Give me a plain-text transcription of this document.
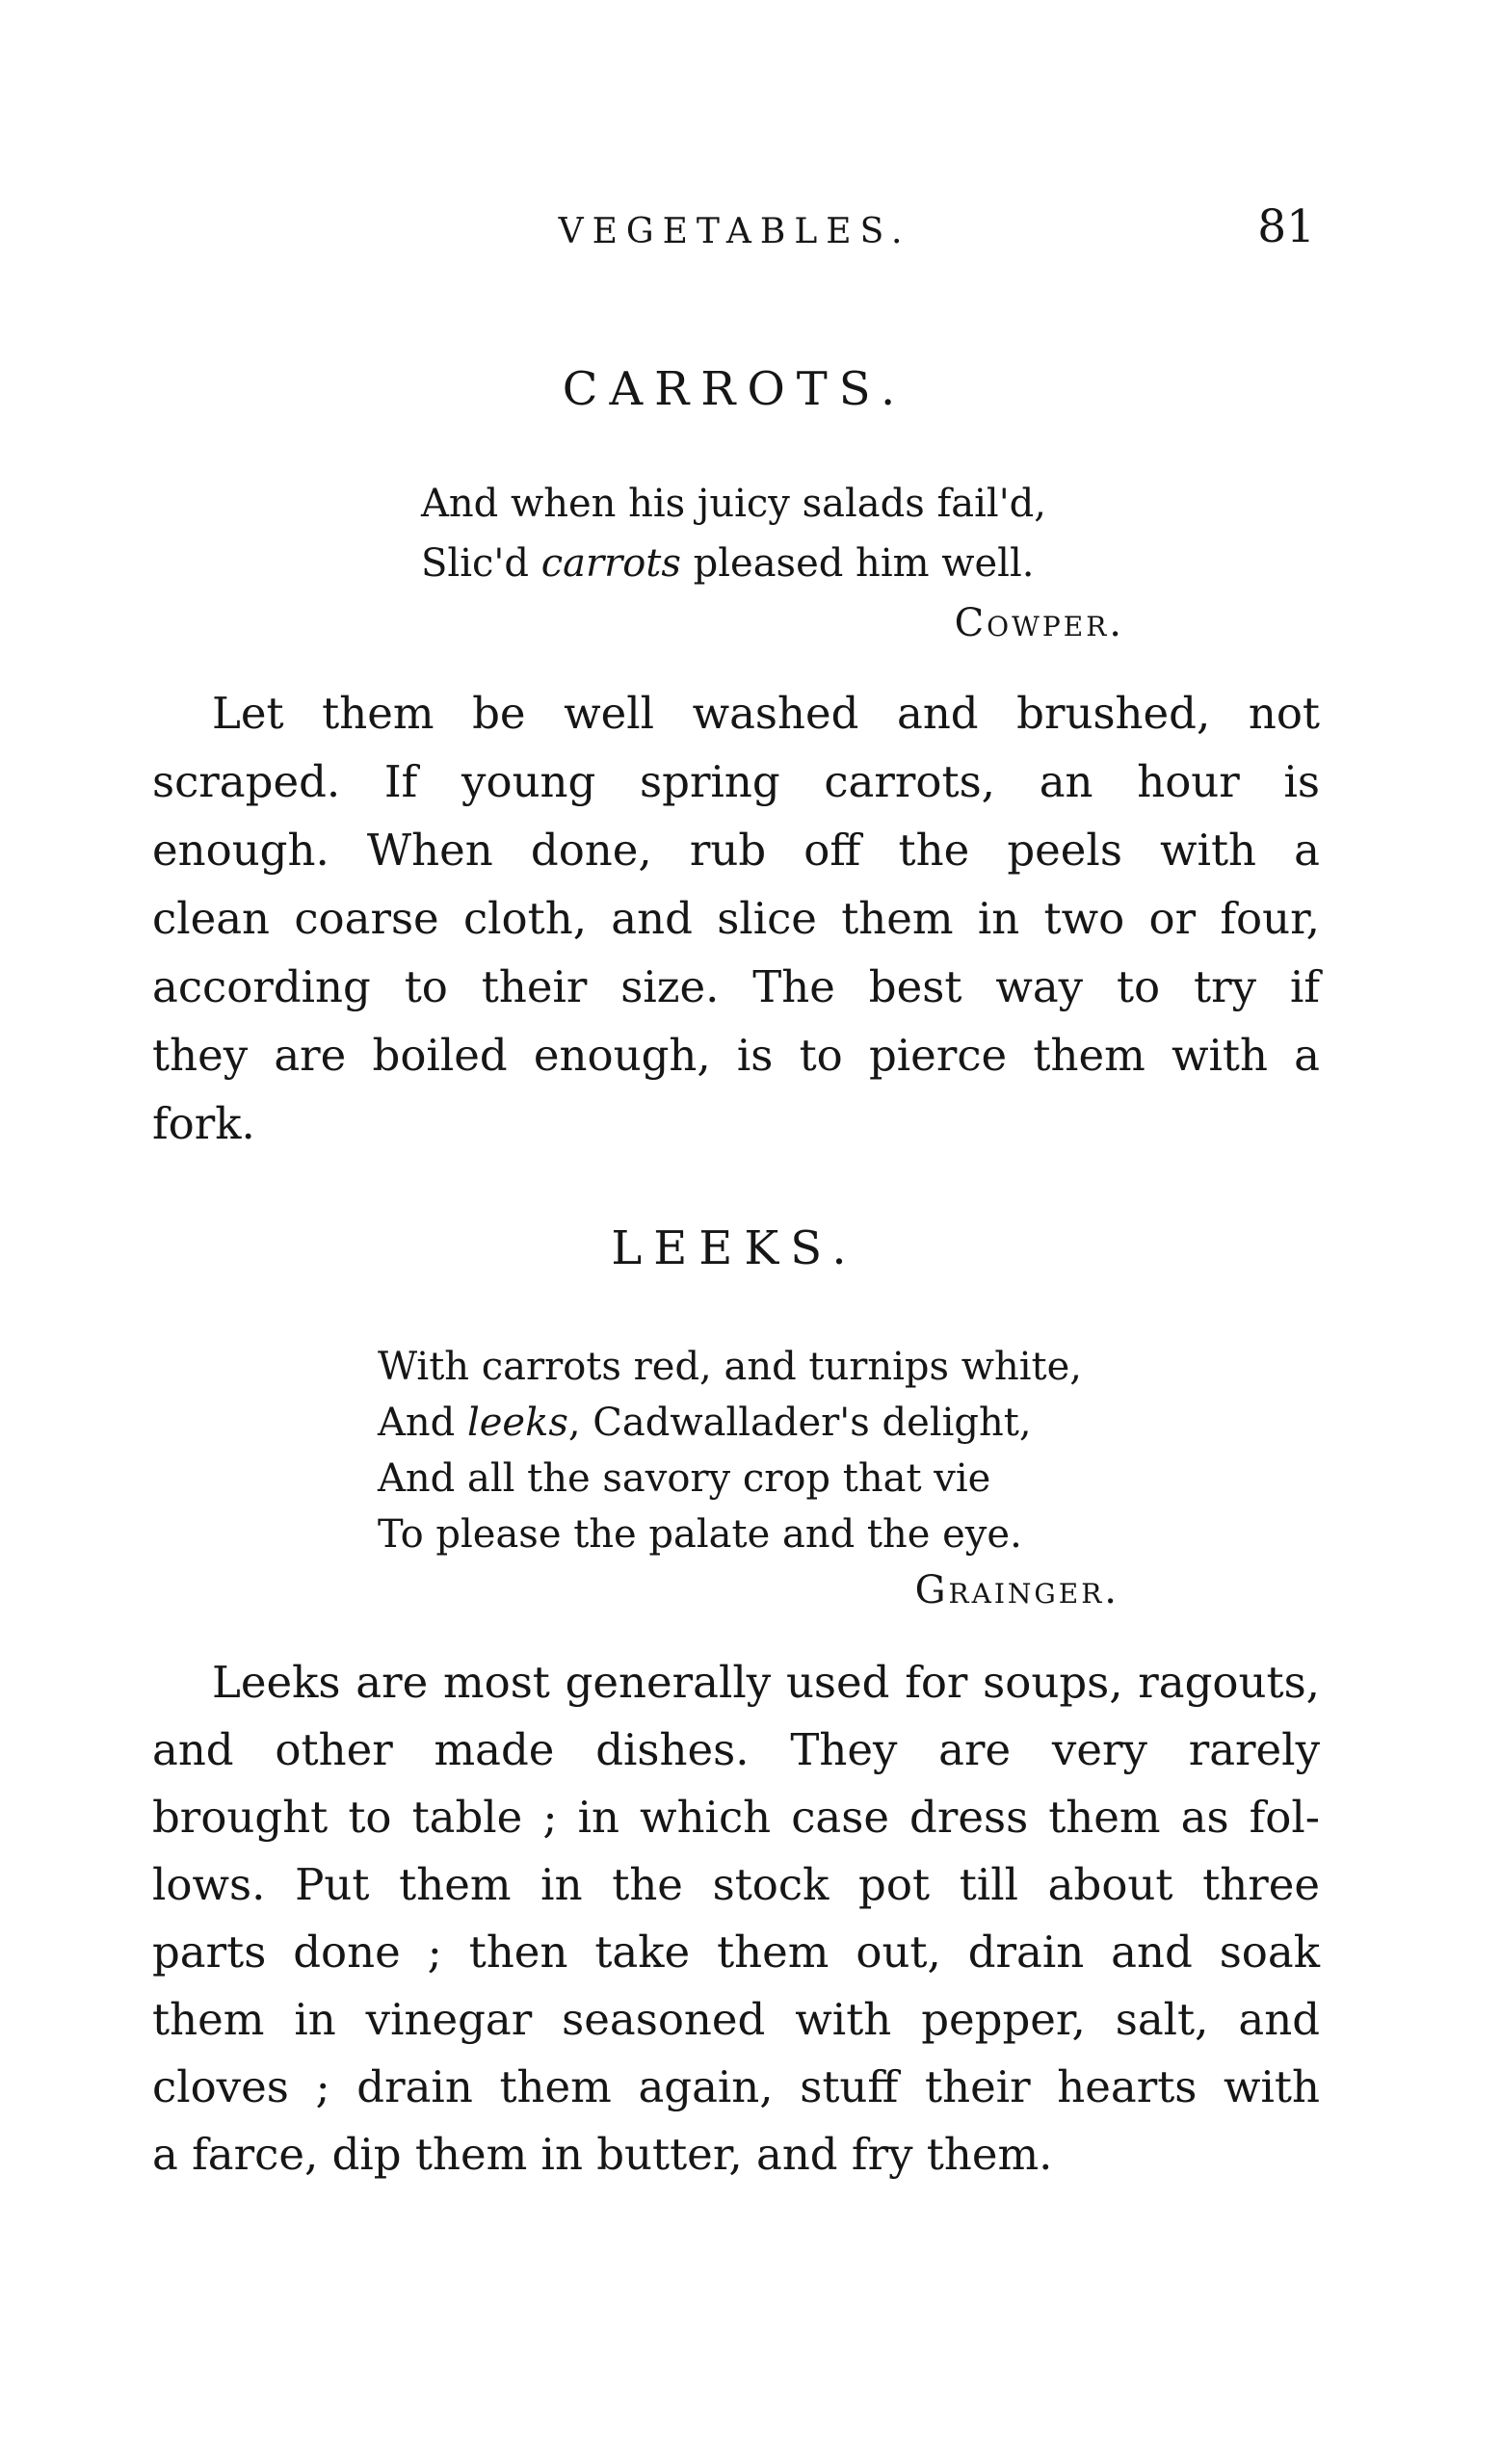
VEGETABLES.	81
CARROTS.
And when his juicy salads fail'd,
Slic'd carrots pleased him well.
Cowper.
Let them be well washed and brushed, not
scraped. If young spring carrots, an hour is
enough. When done, rub off the peels with a
clean coarse cloth, and slice them in two or four,
according to their size. The best way to try if
they are boiled enough, is to pierce them with a
fork.
LEEKS.
With carrots red, and turnips white,
And leeks, Cadwallader's delight,
And all the savory crop that vie
To please the palate and the eye.
Grainger.
Leeks are most generally used for soups, ragouts,
and other made dishes. They are very rarely
brought to table ; in which case dress them as fol-
lows. Put them in the stock pot till about three
parts done ; then take them out, drain and soak
them in vinegar seasoned with pepper, salt, and
cloves ; drain them again, stuff their hearts with
a farce, dip them in butter, and fry them.
